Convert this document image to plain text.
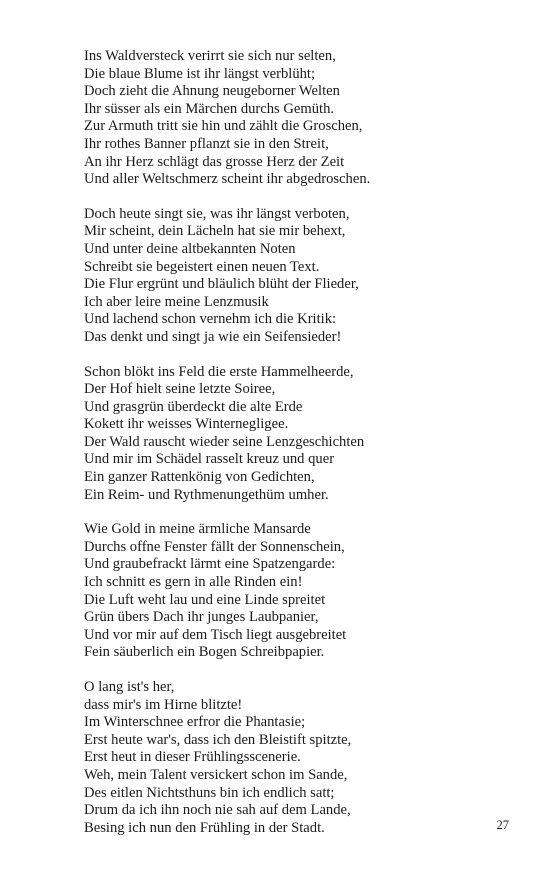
Ins Waldversteck verirrt sie sich nur selten,
Die blaue Blume ist ihr längst verblüht;
Doch zieht die Ahnung neugeborner Welten
Ihr süsser als ein Märchen durchs Gemüth.
Zur Armuth tritt sie hin und zählt die Groschen,
Ihr rothes Banner pflanzt sie in den Streit,
An ihr Herz schlägt das grosse Herz der Zeit
Und aller Weltschmerz scheint ihr abgedroschen.
Doch heute singt sie, was ihr längst verboten,
Mir scheint, dein Lächeln hat sie mir behext,
Und unter deine altbekannten Noten
Schreibt sie begeistert einen neuen Text.
Die Flur ergrünt und bläulich blüht der Flieder,
Ich aber leire meine Lenzmusik
Und lachend schon vernehm ich die Kritik:
Das denkt und singt ja wie ein Seifensieder!
Schon blökt ins Feld die erste Hammelheerde,
Der Hof hielt seine letzte Soiree,
Und grasgrün überdeckt die alte Erde
Kokett ihr weisses Winternegligee.
Der Wald rauscht wieder seine Lenzgeschichten
Und mir im Schädel rasselt kreuz und quer
Ein ganzer Rattenkönig von Gedichten,
Ein Reim- und Rythmenungethüm umher.
Wie Gold in meine ärmliche Mansarde
Durchs offne Fenster fällt der Sonnenschein,
Und graubefrackt lärmt eine Spatzengarde:
Ich schnitt es gern in alle Rinden ein!
Die Luft weht lau und eine Linde spreitet
Grün übers Dach ihr junges Laubpanier,
Und vor mir auf dem Tisch liegt ausgebreitet
Fein säuberlich ein Bogen Schreibpapier.
O lang ist's her,
dass mir's im Hirne blitzte!
Im Winterschnee erfror die Phantasie;
Erst heute war's, dass ich den Bleistift spitzte,
Erst heut in dieser Frühlingsscenerie.
Weh, mein Talent versickert schon im Sande,
Des eitlen Nichtsthuns bin ich endlich satt;
Drum da ich ihn noch nie sah auf dem Lande,
Besing ich nun den Frühling in der Stadt.	27
